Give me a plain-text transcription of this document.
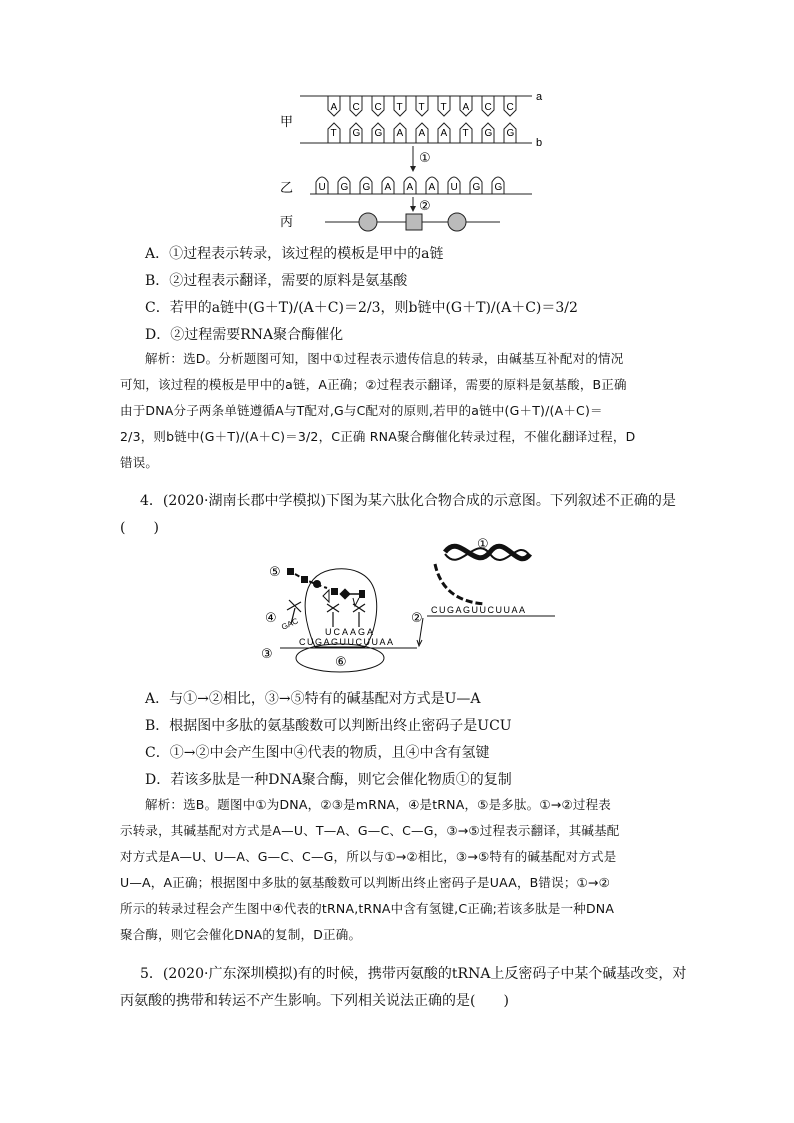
甲
乙
丙
a
b
A C C T T T A C C
T G G A A A T G G
U G G A A A U G G
①
②
A．①过程表示转录，该过程的模板是甲中的a链
B．②过程表示翻译，需要的原料是氨基酸
C．若甲的a链中(G＋T)/(A＋C)＝2/3，则b链中(G＋T)/(A＋C)＝3/2
D．②过程需要RNA聚合酶催化
解析：选D。分析题图可知，图中①过程表示遗传信息的转录，由碱基互补配对的情况
可知，该过程的模板是甲中的a链，A正确；②过程表示翻译，需要的原料是氨基酸，B正确
由于DNA分子两条单链遵循A与T配对,G与C配对的原则,若甲的a链中(G＋T)/(A＋C)＝
2/3，则b链中(G＋T)/(A＋C)＝3/2，C正确 RNA聚合酶催化转录过程，不催化翻译过程，D
错误。
4．(2020·湖南长郡中学模拟)下图为某六肽化合物合成的示意图。下列叙述不正确的是
(　　)
①
② CUGAGUUCUUAA
⑥
③
CUGAGUUCUUAA
UCAAGA
GAC
④
⑤
A．与①→②相比，③→⑤特有的碱基配对方式是U—A
B．根据图中多肽的氨基酸数可以判断出终止密码子是UCU
C．①→②中会产生图中④代表的物质，且④中含有氢键
D．若该多肽是一种DNA聚合酶，则它会催化物质①的复制
解析：选B。题图中①为DNA，②③是mRNA，④是tRNA，⑤是多肽。①→②过程表
示转录，其碱基配对方式是A—U、T—A、G—C、C—G，③→⑤过程表示翻译，其碱基配
对方式是A—U、U—A、G—C、C—G，所以与①→②相比，③→⑤特有的碱基配对方式是
U—A，A正确；根据图中多肽的氨基酸数可以判断出终止密码子是UAA，B错误；①→②
所示的转录过程会产生图中④代表的tRNA,tRNA中含有氢键,C正确;若该多肽是一种DNA
聚合酶，则它会催化DNA的复制，D正确。
5．(2020·广东深圳模拟)有的时候，携带丙氨酸的tRNA上反密码子中某个碱基改变，对
丙氨酸的携带和转运不产生影响。下列相关说法正确的是(　　)
